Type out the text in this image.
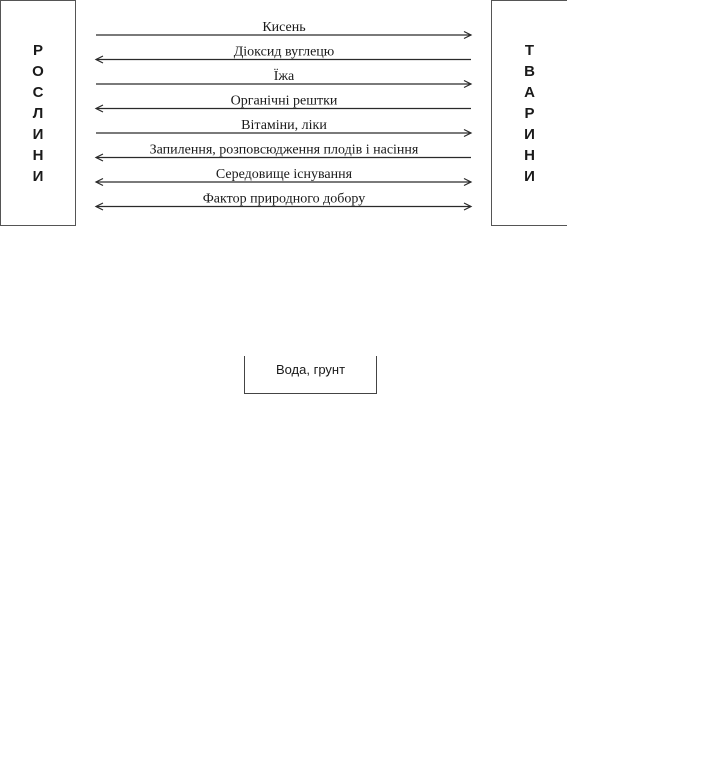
Р
О
С
Л
И
Н
И
Т
В
А
Р
И
Н
И
Кисень
Діоксид вуглецю
Їжа
Органічні рештки
Вітаміни, ліки
Запилення, розповсюдження плодів і насіння
Середовище існування
Фактор природного добору
Вода, грунт
